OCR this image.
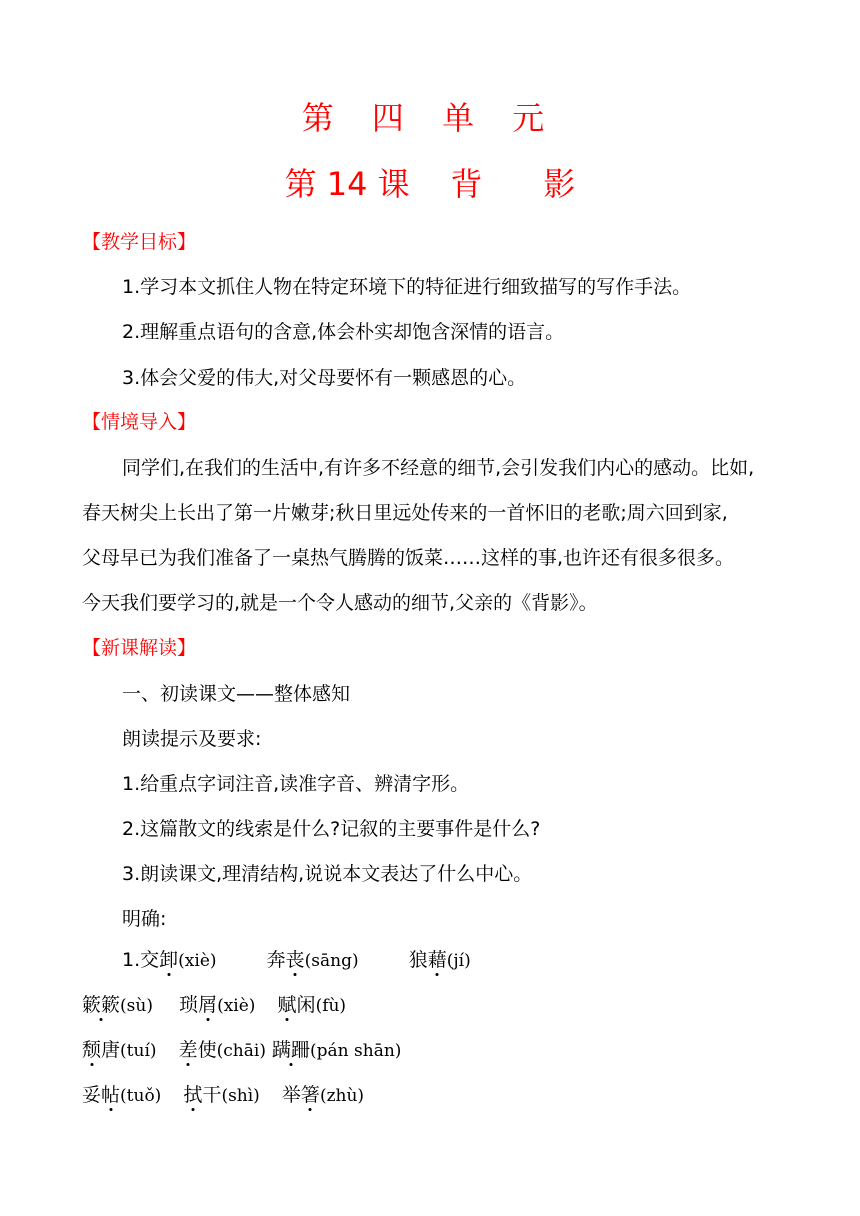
第 四 单 元
第 14 课    背      影
【教学目标】
1.学习本文抓住人物在特定环境下的特征进行细致描写的写作手法。
2.理解重点语句的含意,体会朴实却饱含深情的语言。
3.体会父爱的伟大,对父母要怀有一颗感恩的心。
【情境导入】
同学们,在我们的生活中,有许多不经意的细节,会引发我们内心的感动。比如,
春天树尖上长出了第一片嫩芽;秋日里远处传来的一首怀旧的老歌;周六回到家,
父母早已为我们准备了一桌热气腾腾的饭菜……这样的事,也许还有很多很多。
今天我们要学习的,就是一个令人感动的细节,父亲的《背影》。
【新课解读】
一、初读课文——整体感知
朗读提示及要求:
1.给重点字词注音,读准字音、辨清字形。
2.这篇散文的线索是什么?记叙的主要事件是什么?
3.朗读课文,理清结构,说说本文表达了什么中心。
明确:
1.交卸(xiè)	奔丧(sāng)	狼藉(jí)
簌簌(sù) 琐屑(xiè) 赋闲(fù)
颓唐(tuí) 差使(chāi) 蹒跚(pán shān)
妥帖(tuǒ) 拭干(shì) 举箸(zhù)
